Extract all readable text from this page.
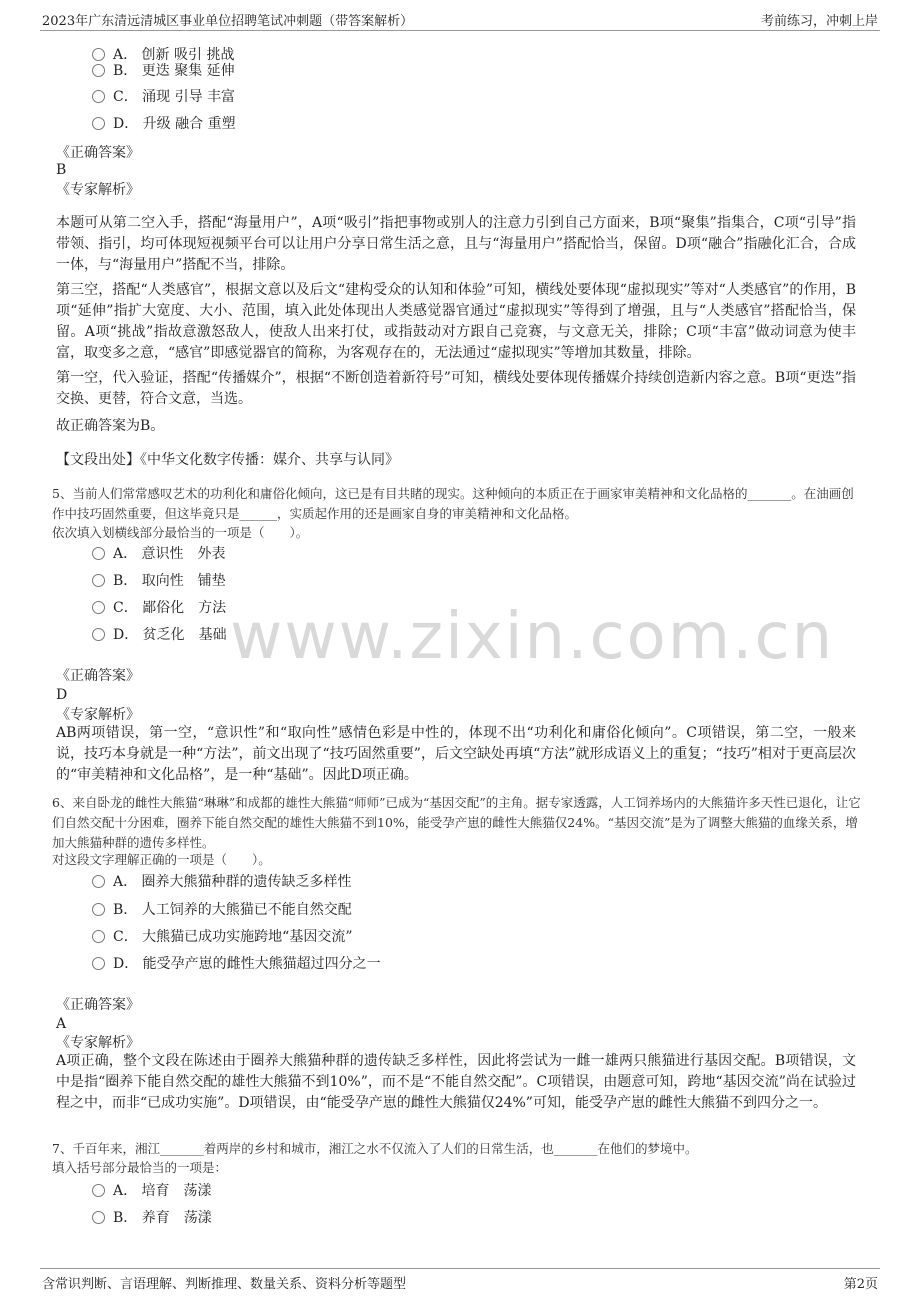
2023年广东清远清城区事业单位招聘笔试冲刺题（带答案解析）	考前练习，冲刺上岸
www.zixin.com.cn
A． 创新 吸引 挑战
B． 更迭 聚集 延伸
C． 涌现 引导 丰富
D． 升级 融合 重塑
《正确答案》
B
《专家解析》
本题可从第二空入手，搭配“海量用户”，A项“吸引”指把事物或别人的注意力引到自己方面来，B项“聚集”指集合，C项“引导”指带领、指引，均可体现短视频平台可以让用户分享日常生活之意，且与“海量用户”搭配恰当，保留。D项“融合”指融化汇合，合成一体，与“海量用户”搭配不当，排除。
第三空，搭配“人类感官”，根据文意以及后文“建构受众的认知和体验”可知，横线处要体现“虚拟现实”等对“人类感官”的作用，B项“延伸”指扩大宽度、大小、范围，填入此处体现出人类感觉器官通过“虚拟现实”等得到了增强，且与“人类感官”搭配恰当，保留。A项“挑战”指故意激怒敌人，使敌人出来打仗，或指鼓动对方跟自己竞赛，与文意无关，排除；C项“丰富”做动词意为使丰富，取变多之意，“感官”即感觉器官的简称，为客观存在的，无法通过“虚拟现实”等增加其数量，排除。
第一空，代入验证，搭配“传播媒介”，根据“不断创造着新符号”可知，横线处要体现传播媒介持续创造新内容之意。B项“更迭”指交换、更替，符合文意，当选。
故正确答案为B。
【文段出处】《中华文化数字传播：媒介、共享与认同》
5、当前人们常常感叹艺术的功利化和庸俗化倾向，这已是有目共睹的现实。这种倾向的本质正在于画家审美精神和文化品格的_______。在油画创作中技巧固然重要，但这毕竟只是______，实质起作用的还是画家自身的审美精神和文化品格。
依次填入划横线部分最恰当的一项是（　　）。
A． 意识性　外表
B． 取向性　铺垫
C． 鄙俗化　方法
D． 贫乏化　基础
《正确答案》
D
《专家解析》
AB两项错误，第一空，“意识性”和“取向性”感情色彩是中性的，体现不出“功利化和庸俗化倾向”。C项错误，第二空，一般来说，技巧本身就是一种“方法”，前文出现了“技巧固然重要”，后文空缺处再填“方法”就形成语义上的重复；“技巧”相对于更高层次的“审美精神和文化品格”，是一种“基础”。因此D项正确。
6、来自卧龙的雌性大熊猫“琳琳”和成都的雄性大熊猫“师师”已成为“基因交配”的主角。据专家透露，人工饲养场内的大熊猫许多天性已退化，让它们自然交配十分困难，圈养下能自然交配的雄性大熊猫不到10%，能受孕产崽的雌性大熊猫仅24%。“基因交流”是为了调整大熊猫的血缘关系，增加大熊猫种群的遗传多样性。
对这段文字理解正确的一项是（　　）。
A． 圈养大熊猫种群的遗传缺乏多样性
B． 人工饲养的大熊猫已不能自然交配
C． 大熊猫已成功实施跨地“基因交流”
D． 能受孕产崽的雌性大熊猫超过四分之一
《正确答案》
A
《专家解析》
A项正确，整个文段在陈述由于圈养大熊猫种群的遗传缺乏多样性，因此将尝试为一雌一雄两只熊猫进行基因交配。B项错误，文中是指“圈养下能自然交配的雄性大熊猫不到10%”，而不是“不能自然交配”。C项错误，由题意可知，跨地“基因交流”尚在试验过程之中，而非“已成功实施”。D项错误，由“能受孕产崽的雌性大熊猫仅24%”可知，能受孕产崽的雌性大熊猫不到四分之一。
7、千百年来，湘江_______着两岸的乡村和城市，湘江之水不仅流入了人们的日常生活，也_______在他们的梦境中。
填入括号部分最恰当的一项是：
A． 培育　荡漾
B． 养育　荡漾
含常识判断、言语理解、判断推理、数量关系、资料分析等题型	第2页
